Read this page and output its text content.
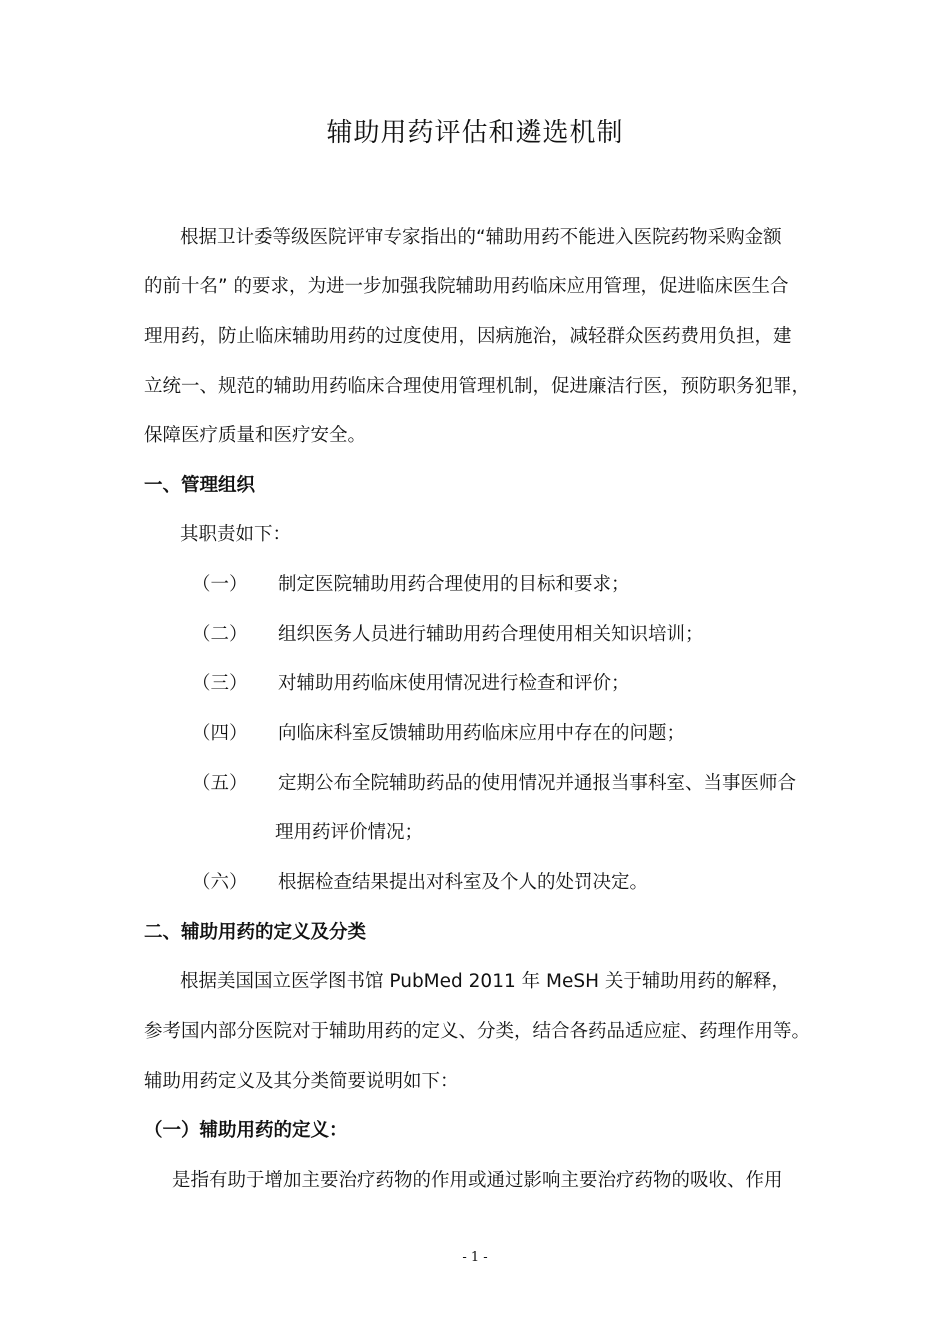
辅助用药评估和遴选机制
根据卫计委等级医院评审专家指出的“辅助用药不能进入医院药物采购金额
的前十名” 的要求，为进一步加强我院辅助用药临床应用管理，促进临床医生合
理用药，防止临床辅助用药的过度使用，因病施治，减轻群众医药费用负担，建
立统一、规范的辅助用药临床合理使用管理机制，促进廉洁行医，预防职务犯罪，
保障医疗质量和医疗安全。
一、管理组织
其职责如下：
（一） 制定医院辅助用药合理使用的目标和要求；
（二） 组织医务人员进行辅助用药合理使用相关知识培训；
（三） 对辅助用药临床使用情况进行检查和评价；
（四） 向临床科室反馈辅助用药临床应用中存在的问题；
（五） 定期公布全院辅助药品的使用情况并通报当事科室、当事医师合
理用药评价情况；
（六） 根据检查结果提出对科室及个人的处罚决定。
二、辅助用药的定义及分类
根据美国国立医学图书馆 PubMed 2011 年 MeSH 关于辅助用药的解释，
参考国内部分医院对于辅助用药的定义、分类，结合各药品适应症、药理作用等。
辅助用药定义及其分类简要说明如下：
（一）辅助用药的定义：
是指有助于增加主要治疗药物的作用或通过影响主要治疗药物的吸收、作用
- 1 -
